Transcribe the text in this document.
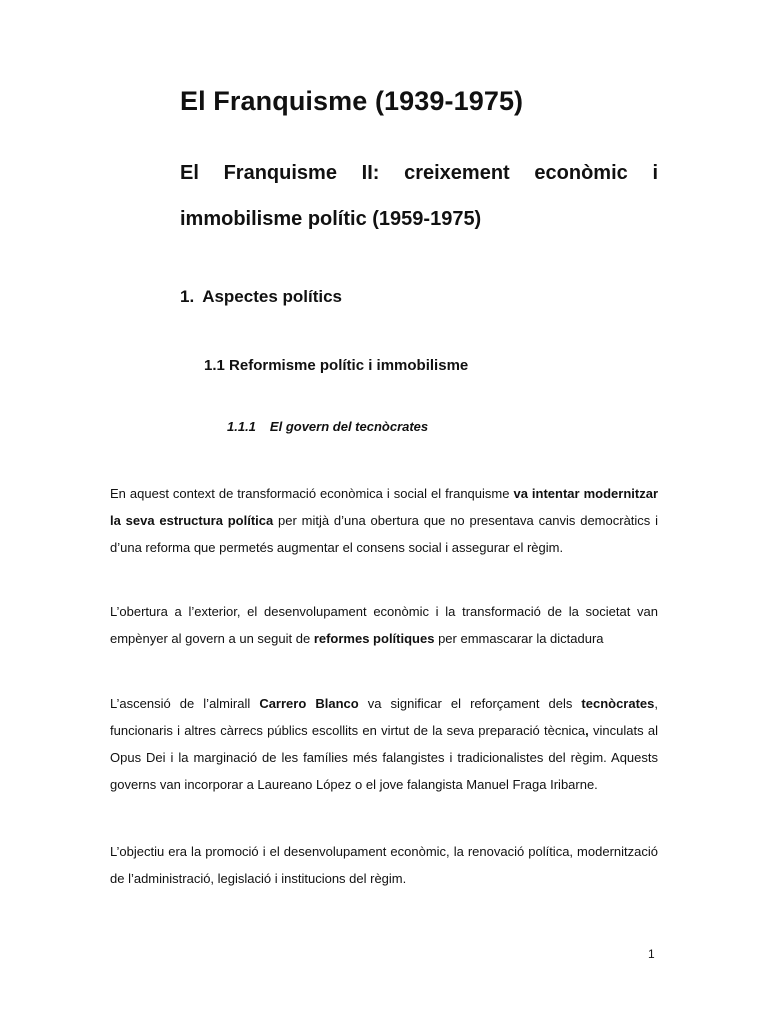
El Franquisme (1939-1975)
El Franquisme II: creixement econòmic i immobilisme polític (1959-1975)
1. Aspectes polítics
1.1 Reformisme polític i immobilisme
1.1.1 El govern del tecnòcrates

En aquest context de transformació econòmica i social el franquisme va intentar modernitzar la seva estructura política per mitjà d’una obertura que no presentava canvis democràtics i d’una reforma que permetés augmentar el consens social i assegurar el règim.

L’obertura a l’exterior, el desenvolupament econòmic i la transformació de la societat van empènyer al govern a un seguit de reformes polítiques per emmascarar la dictadura

L’ascensió de l’almirall Carrero Blanco va significar el reforçament dels tecnòcrates, funcionaris i altres càrrecs públics escollits en virtut de la seva preparació tècnica, vinculats al Opus Dei i la marginació de les famílies més falangistes i tradicionalistes del règim. Aquests governs van incorporar a Laureano López o el jove falangista Manuel Fraga Iribarne.

L’objectiu era la promoció i el desenvolupament econòmic, la renovació política, modernització de l’administració, legislació i institucions del règim.

1
